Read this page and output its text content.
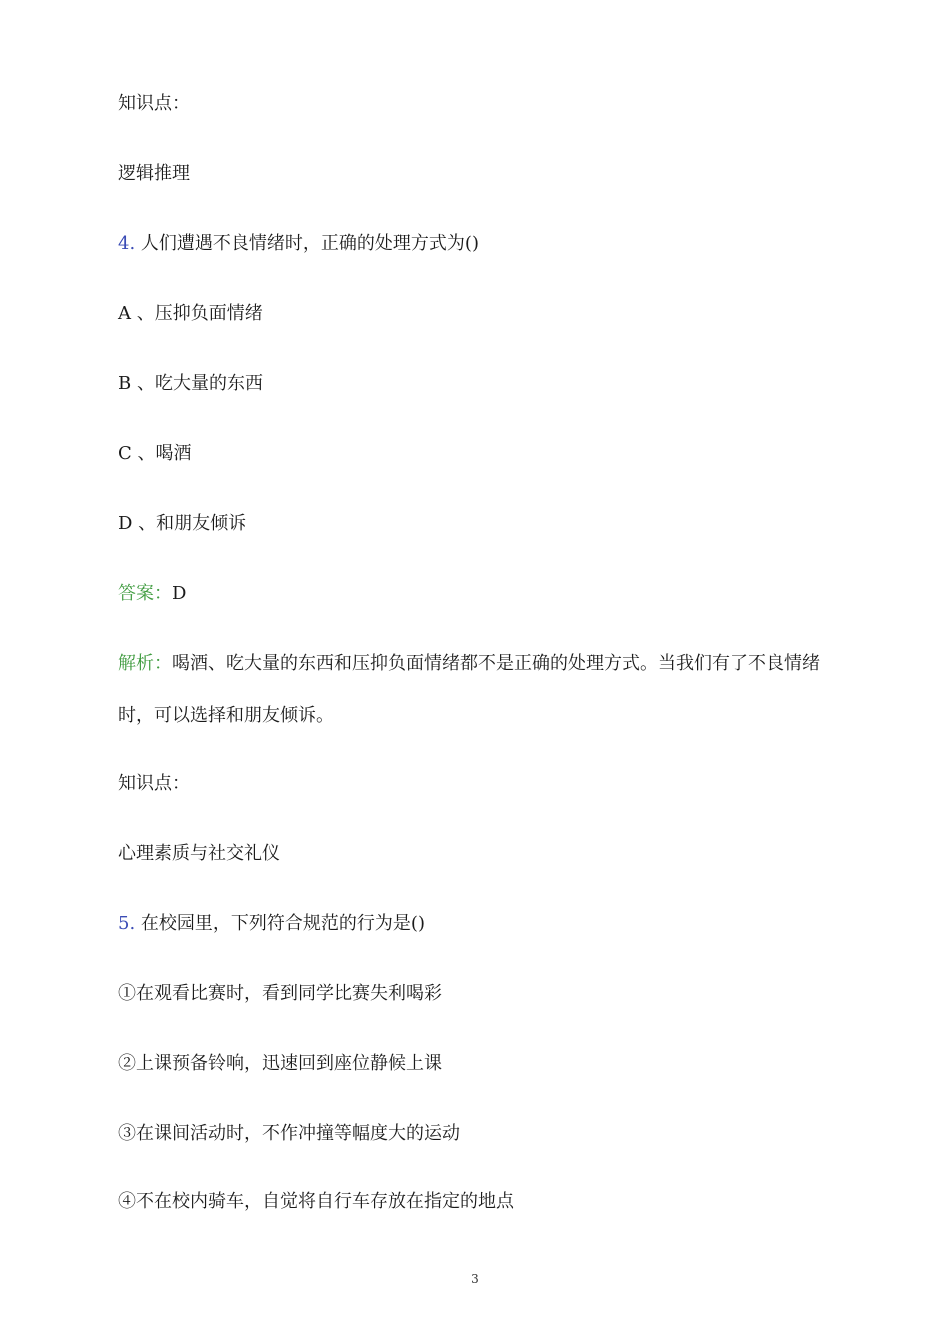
知识点：
逻辑推理
4. 人们遭遇不良情绪时，正确的处理方式为()
A 、压抑负面情绪
B 、吃大量的东西
C 、喝酒
D 、和朋友倾诉
答案：D
解析：喝酒、吃大量的东西和压抑负面情绪都不是正确的处理方式。当我们有了不良情绪时，可以选择和朋友倾诉。
知识点：
心理素质与社交礼仪
5. 在校园里，下列符合规范的行为是()
①在观看比赛时，看到同学比赛失利喝彩
②上课预备铃响，迅速回到座位静候上课
③在课间活动时，不作冲撞等幅度大的运动
④不在校内骑车，自觉将自行车存放在指定的地点
3
